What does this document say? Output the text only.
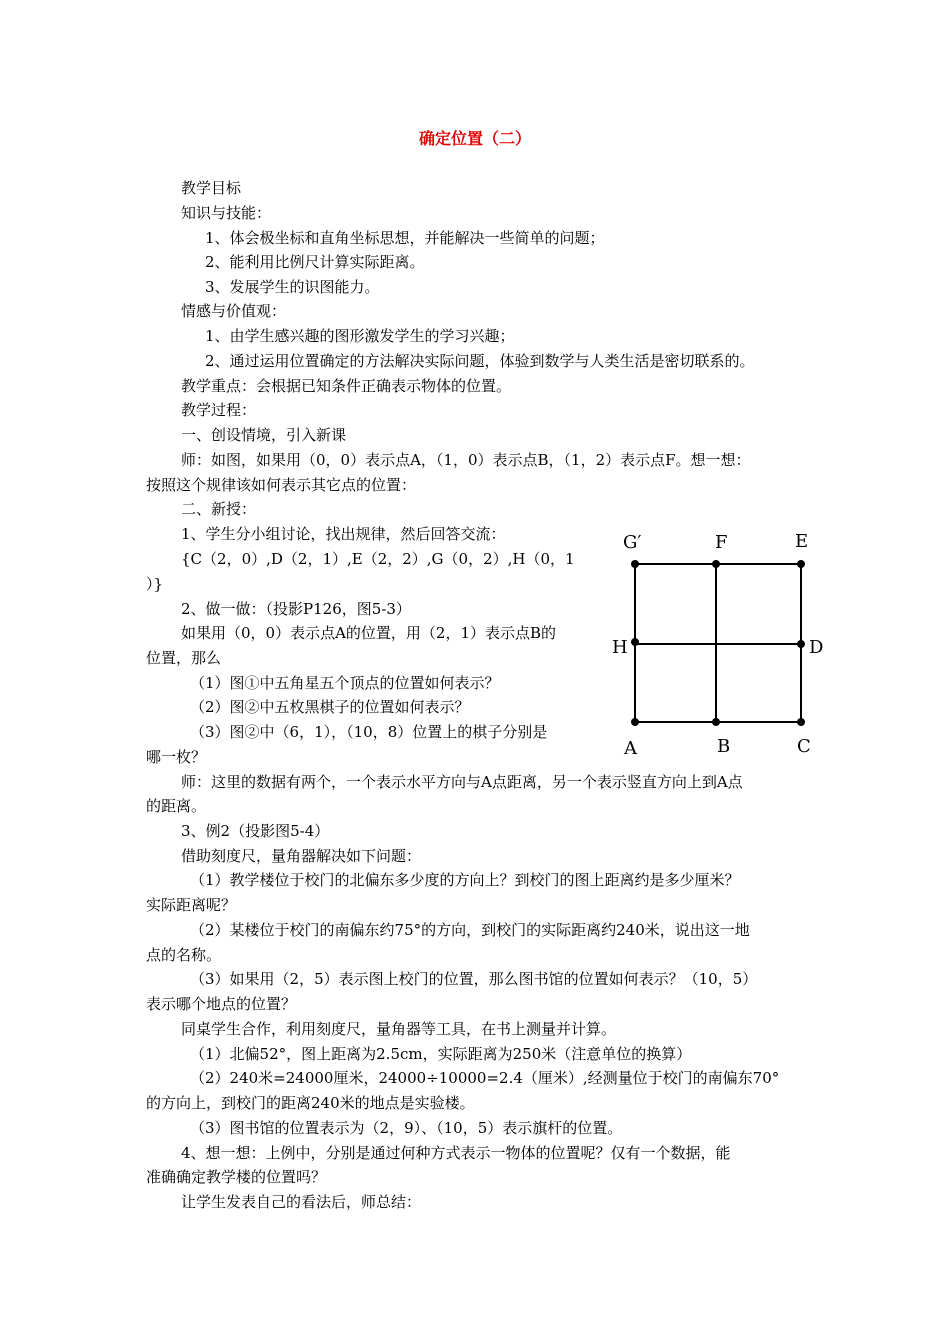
确定位置（二）
教学目标
知识与技能：
1、体会极坐标和直角坐标思想，并能解决一些简单的问题；
2、能利用比例尺计算实际距离。
3、发展学生的识图能力。
情感与价值观：
1、由学生感兴趣的图形激发学生的学习兴趣；
2、通过运用位置确定的方法解决实际问题，体验到数学与人类生活是密切联系的。
教学重点：会根据已知条件正确表示物体的位置。
教学过程：
一、创设情境，引入新课
师：如图，如果用（0，0）表示点A，（1，0）表示点B，（1，2）表示点F。想一想：
按照这个规律该如何表示其它点的位置：
二、新授：
1、学生分小组讨论，找出规律，然后回答交流：
{C（2，0）,D（2，1）,E（2，2）,G（0，2）,H（0，1
）}
2、做一做：（投影P126，图5-3）
如果用（0，0）表示点A的位置，用（2，1）表示点B的
位置，那么
（1）图①中五角星五个顶点的位置如何表示？
（2）图②中五枚黑棋子的位置如何表示？
（3）图②中（6，1），（10，8）位置上的棋子分别是
哪一枚？
师：这里的数据有两个，一个表示水平方向与A点距离，另一个表示竖直方向上到A点
的距离。
3、例2（投影图5-4）
借助刻度尺，量角器解决如下问题：
（1）教学楼位于校门的北偏东多少度的方向上？到校门的图上距离约是多少厘米？
实际距离呢？
（2）某楼位于校门的南偏东约75°的方向，到校门的实际距离约240米，说出这一地
点的名称。
（3）如果用（2，5）表示图上校门的位置，那么图书馆的位置如何表示？（10，5）
表示哪个地点的位置？
同桌学生合作，利用刻度尺，量角器等工具，在书上测量并计算。
（1）北偏52°，图上距离为2.5cm，实际距离为250米（注意单位的换算）
（2）240米=24000厘米，24000÷10000=2.4（厘米）,经测量位于校门的南偏东70°
的方向上，到校门的距离240米的地点是实验楼。
（3）图书馆的位置表示为（2，9）、（10，5）表示旗杆的位置。
4、想一想：上例中，分别是通过何种方式表示一物体的位置呢？仅有一个数据，能
准确确定教学楼的位置吗？
让学生发表自己的看法后，师总结：
G′	F	E
H	D
A	B	C
